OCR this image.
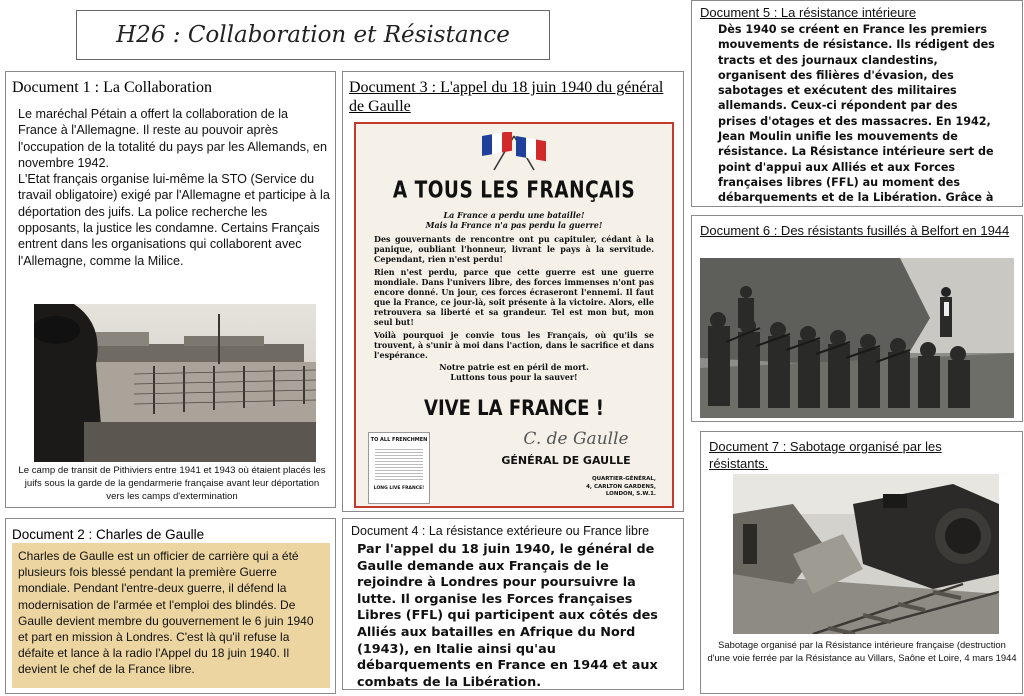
H26 : Collaboration et Résistance
Document 1 : La Collaboration

Le maréchal Pétain a offert la collaboration de la France à l'Allemagne. Il reste au pouvoir après l'occupation de la totalité du pays par les Allemands, en novembre 1942.

L'Etat français organise lui-même la STO (Service du travail obligatoire) exigé par l'Allemagne et participe à la déportation des juifs. La police recherche les opposants, la justice les condamne. Certains Français entrent dans les organisations qui collaborent avec l'Allemagne, comme la Milice.

Le camp de transit de Pithiviers entre 1941 et 1943 où étaient placés les juifs sous la garde de la gendarmerie française avant leur déportation vers les camps d'extermination

Document 2 : Charles de Gaulle

Charles de Gaulle est un officier de carrière qui a été plusieurs fois blessé pendant la première Guerre mondiale. Pendant l'entre-deux guerre, il défend la modernisation de l'armée et l'emploi des blindés. De Gaulle devient membre du gouvernement le 6 juin 1940 et part en mission à Londres. C'est là qu'il refuse la défaite et lance à la radio l'Appel du 18 juin 1940. Il devient le chef de la France libre.

Document 3 : L'appel du 18 juin 1940 du général de Gaulle
A TOUS LES FRANÇAIS
La France a perdu une bataille!
Mais la France n'a pas perdu la guerre!

Des gouvernants de rencontre ont pu capituler, cédant à la panique, oubliant l'honneur, livrant le pays à la servitude. Cependant, rien n'est perdu!

Rien n'est perdu, parce que cette guerre est une guerre mondiale. Dans l'univers libre, des forces immenses n'ont pas encore donné. Un jour, ces forces écraseront l'ennemi. Il faut que la France, ce jour-là, soit présente à la victoire. Alors, elle retrouvera sa liberté et sa grandeur. Tel est mon but, mon seul but!

Voilà pourquoi je convie tous les Français, où qu'ils se trouvent, à s'unir à moi dans l'action, dans le sacrifice et dans l'espérance.

Notre patrie est en péril de mort.

Luttons tous pour la sauver!

VIVE LA FRANCE !
TO ALL FRENCHMEN
LONG LIVE FRANCE!
C. de Gaulle
GÉNÉRAL DE GAULLE
QUARTIER-GÉNÉRAL,
4, CARLTON GARDENS,
LONDON, S.W.1.
Document 4 : La résistance extérieure ou France libre

Par l'appel du 18 juin 1940, le général de Gaulle demande aux Français de le rejoindre à Londres pour poursuivre la lutte. Il organise les Forces françaises Libres (FFL) qui participent aux côtés des Alliés aux batailles en Afrique du Nord (1943), en Italie ainsi qu'au débarquements en France en 1944 et aux combats de la Libération.

Document 5 : La résistance intérieure

Dès 1940 se créent en France les premiers mouvements de résistance. Ils rédigent des tracts et des journaux clandestins, organisent des filières d'évasion, des sabotages et exécutent des militaires allemands. Ceux-ci répondent par des prises d'otages et des massacres. En 1942, Jean Moulin unifie les mouvements de résistance. La Résistance intérieure sert de point d'appui aux Alliés et aux Forces françaises libres (FFL) au moment des débarquements et de la Libération. Grâce à

Document 6 : Des résistants fusillés à Belfort en 1944
Document 7 : Sabotage organisé par les résistants.

Sabotage organisé par la Résistance intérieure française (destruction d'une voie ferrée par la Résistance au Villars, Saône et Loire, 4 mars 1944
